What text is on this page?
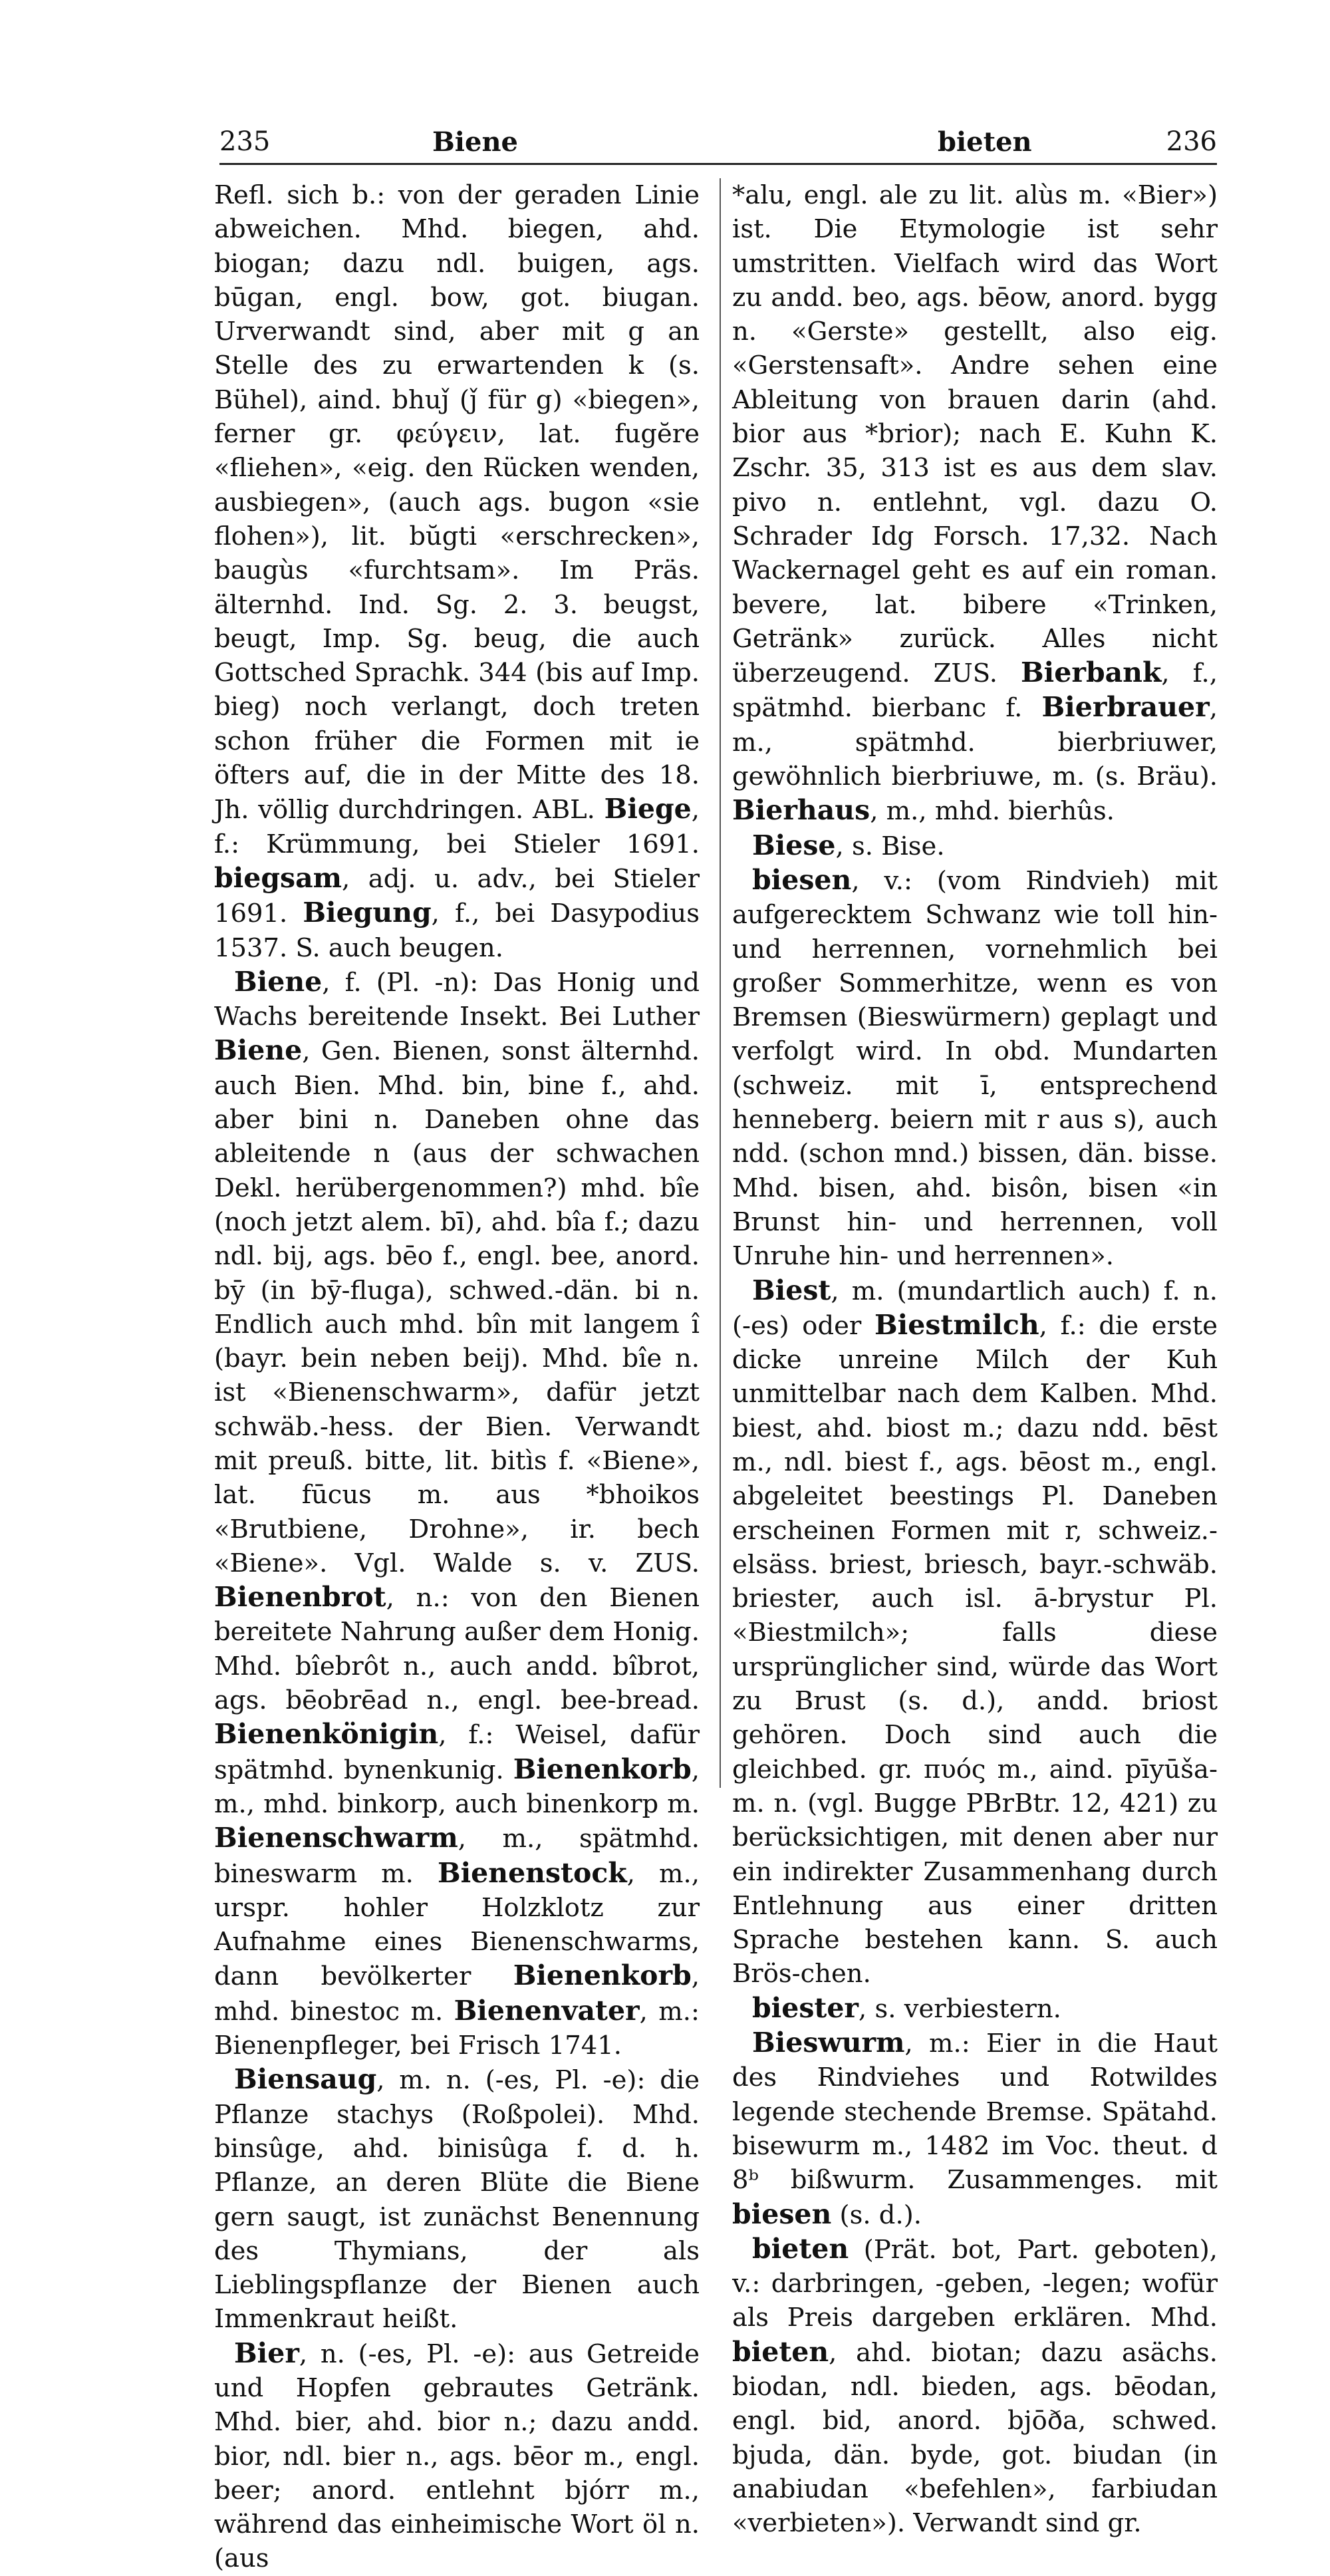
235	Biene	bieten	236

Refl. sich b.: von der geraden Linie abweichen. Mhd. biegen, ahd. biogan; dazu ndl. buigen, ags. būgan, engl. bow, got. biugan. Urverwandt sind, aber mit g an Stelle des zu erwartenden k (s. Bühel), aind. bhuǰ (ǰ für g) «biegen», ferner gr. φεύγειν, lat. fugĕre «fliehen», «eig. den Rücken wenden, ausbiegen», (auch ags. bugon «sie flohen»), lit. bŭgti «erschrecken», baugùs «furchtsam». Im Präs. älternhd. Ind. Sg. 2. 3. beugst, beugt, Imp. Sg. beug, die auch Gottsched Sprachk. 344 (bis auf Imp. bieg) noch verlangt, doch treten schon früher die Formen mit ie öfters auf, die in der Mitte des 18. Jh. völlig durchdringen. ABL. Biege, f.: Krümmung, bei Stieler 1691. biegsam, adj. u. adv., bei Stieler 1691. Biegung, f., bei Dasypodius 1537. S. auch beugen.

Biene, f. (Pl. -n): Das Honig und Wachs bereitende Insekt. Bei Luther Biene, Gen. Bienen, sonst älternhd. auch Bien. Mhd. bin, bine f., ahd. aber bini n. Daneben ohne das ableitende n (aus der schwachen Dekl. herübergenommen?) mhd. bîe (noch jetzt alem. bī), ahd. bîa f.; dazu ndl. bij, ags. bēo f., engl. bee, anord. bȳ (in bȳ-fluga), schwed.-dän. bi n. Endlich auch mhd. bîn mit langem î (bayr. bein neben beij). Mhd. bîe n. ist «Bienenschwarm», dafür jetzt schwäb.-hess. der Bien. Verwandt mit preuß. bitte, lit. bitìs f. «Biene», lat. fūcus m. aus *bhoikos «Brutbiene, Drohne», ir. bech «Biene». Vgl. Walde s. v. ZUS. Bienenbrot, n.: von den Bienen bereitete Nahrung außer dem Honig. Mhd. bîebrôt n., auch andd. bîbrot, ags. bēobrēad n., engl. bee-bread. Bienenkönigin, f.: Weisel, dafür spätmhd. bynenkunig. Bienenkorb, m., mhd. binkorp, auch binenkorp m. Bienenschwarm, m., spätmhd. bineswarm m. Bienenstock, m., urspr. hohler Holzklotz zur Aufnahme eines Bienenschwarms, dann bevölkerter Bienenkorb, mhd. binestoc m. Bienenvater, m.: Bienenpfleger, bei Frisch 1741.

Biensaug, m. n. (-es, Pl. -e): die Pflanze stachys (Roßpolei). Mhd. binsûge, ahd. binisûga f. d. h. Pflanze, an deren Blüte die Biene gern saugt, ist zunächst Benennung des Thymians, der als Lieblingspflanze der Bienen auch Immenkraut heißt.

Bier, n. (-es, Pl. -e): aus Getreide und Hopfen gebrautes Getränk. Mhd. bier, ahd. bior n.; dazu andd. bior, ndl. bier n., ags. bēor m., engl. beer; anord. entlehnt bjórr m., während das einheimische Wort öl n. (aus

*alu, engl. ale zu lit. alùs m. «Bier») ist. Die Etymologie ist sehr umstritten. Vielfach wird das Wort zu andd. beo, ags. bēow, anord. bygg n. «Gerste» gestellt, also eig. «Gerstensaft». Andre sehen eine Ableitung von brauen darin (ahd. bior aus *brior); nach E. Kuhn K. Zschr. 35, 313 ist es aus dem slav. pivo n. entlehnt, vgl. dazu O. Schrader Idg Forsch. 17,32. Nach Wackernagel geht es auf ein roman. bevere, lat. bibere «Trinken, Getränk» zurück. Alles nicht überzeugend. ZUS. Bierbank, f., spätmhd. bierbanc f. Bierbrauer, m., spätmhd. bierbriuwer, gewöhnlich bierbriuwe, m. (s. Bräu). Bierhaus, m., mhd. bierhûs.

Biese, s. Bise.

biesen, v.: (vom Rindvieh) mit aufgerecktem Schwanz wie toll hin- und herrennen, vornehmlich bei großer Sommerhitze, wenn es von Bremsen (Bieswürmern) geplagt und verfolgt wird. In obd. Mundarten (schweiz. mit ī, entsprechend henneberg. beiern mit r aus s), auch ndd. (schon mnd.) bissen, dän. bisse. Mhd. bisen, ahd. bisôn, bisen «in Brunst hin- und herrennen, voll Unruhe hin- und herrennen».

Biest, m. (mundartlich auch) f. n. (-es) oder Biestmilch, f.: die erste dicke unreine Milch der Kuh unmittelbar nach dem Kalben. Mhd. biest, ahd. biost m.; dazu ndd. bēst m., ndl. biest f., ags. bēost m., engl. abgeleitet beestings Pl. Daneben erscheinen Formen mit r, schweiz.-elsäss. briest, briesch, bayr.-schwäb. briester, auch isl. ā-brystur Pl. «Biestmilch»; falls diese ursprünglicher sind, würde das Wort zu Brust (s. d.), andd. briost gehören. Doch sind auch die gleichbed. gr. πυός m., aind. pīyūša- m. n. (vgl. Bugge PBrBtr. 12, 421) zu berücksichtigen, mit denen aber nur ein indirekter Zusammenhang durch Entlehnung aus einer dritten Sprache bestehen kann. S. auch Brös-chen.

biester, s. verbiestern.

Bieswurm, m.: Eier in die Haut des Rindviehes und Rotwildes legende stechende Bremse. Spätahd. bisewurm m., 1482 im Voc. theut. d 8ᵇ bißwurm. Zusammenges. mit biesen (s. d.).

bieten (Prät. bot, Part. geboten), v.: darbringen, -geben, -legen; wofür als Preis dargeben erklären. Mhd. bieten, ahd. biotan; dazu asächs. biodan, ndl. bieden, ags. bēodan, engl. bid, anord. bjōða, schwed. bjuda, dän. byde, got. biudan (in anabiudan «befehlen», farbiudan «verbieten»). Verwandt sind gr.
